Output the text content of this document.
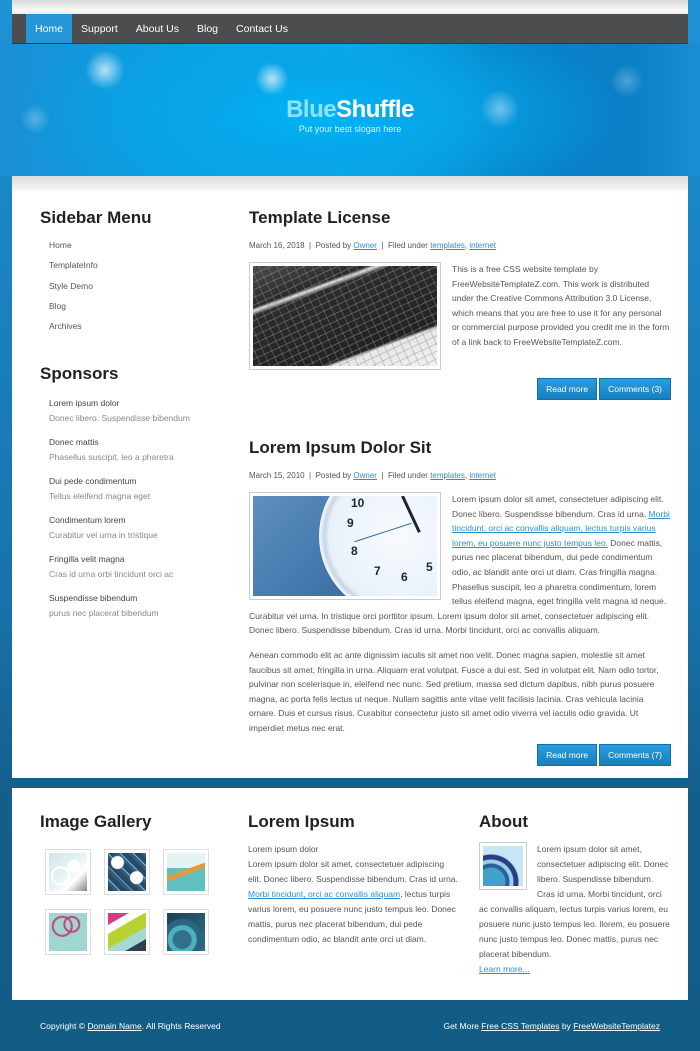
Home	Support	About Us	Blog	Contact Us
BlueShuffle
Put your best slogan here
Sidebar Menu
Home
TemplateInfo
Style Demo
Blog
Archives
Sponsors
Lorem ipsum dolor
Donec libero. Suspendisse bibendum
Donec mattis
Phasellus suscipit, leo a pharetra
Dui pede condimentum
Tellus eleifend magna eget
Condimentum lorem
Curabitur vel urna in tristique
Fringilla velit magna
Cras id urna orbi tincidunt orci ac
Suspendisse bibendum
purus nec placerat bibendum
Template License
March 16, 2018 | Posted by Owner | Filed under templates, internet

This is a free CSS website template by FreeWebsiteTemplateZ.com. This work is distributed under the Creative Commons Attribution 3.0 License, which means that you are free to use it for any personal or commercial purpose provided you credit me in the form of a link back to FreeWebsiteTemplateZ.com.

Read more	Comments (3)
Lorem Ipsum Dolor Sit
March 15, 2010 | Posted by Owner | Filed under templates, internet
10
9
8
7 6
5

Lorem ipsum dolor sit amet, consectetuer adipiscing elit. Donec libero. Suspendisse bibendum. Cras id urna. Morbi tincidunt, orci ac convallis aliquam, lectus turpis varius lorem, eu posuere nunc justo tempus leo. Donec mattis, purus nec placerat bibendum, dui pede condimentum odio, ac blandit ante orci ut diam. Cras fringilla magna. Phasellus suscipit, leo a pharetra condimentum, lorem tellus eleifend magna, eget fringilla velit magna id neque. Curabitur vel urna. In tristique orci porttitor ipsum. Lorem ipsum dolor sit amet, consectetuer adipiscing elit. Donec libero. Suspendisse bibendum. Cras id urna. Morbi tincidunt, orci ac convallis aliquam.

Aenean commodo elit ac ante dignissim iaculis sit amet non velit. Donec magna sapien, molestie sit amet faucibus sit amet, fringilla in urna. Aliquam erat volutpat. Fusce a dui est. Sed in volutpat elit. Nam odio tortor, pulvinar non scelerisque in, eleifend nec nunc. Sed pretium, massa sed dictum dapibus, nibh purus posuere magna, ac porta felis lectus ut neque. Nullam sagittis ante vitae velit facilisis lacinia. Cras vehicula lacinia ornare. Duis et cursus risus. Curabitur consectetur justo sit amet odio viverra vel iaculis odio gravida. Ut imperdiet metus nec erat.

Read more	Comments (7)
Image Gallery	Lorem Ipsum

Lorem ipsum dolor
Lorem ipsum dolor sit amet, consectetuer adipiscing elit. Donec libero. Suspendisse bibendum. Cras id urna. Morbi tincidunt, orci ac convallis aliquam, lectus turpis varius lorem, eu posuere nunc justo tempus leo. Donec mattis, purus nec placerat bibendum, dui pede condimentum odio, ac blandit ante orci ut diam.

About

Lorem ipsum dolor sit amet, consectetuer adipiscing elit. Donec libero. Suspendisse bibendum. Cras id urna. Morbi tincidunt, orci ac convallis aliquam, lectus turpis varius lorem, eu posuere nunc justo tempus leo. llorem, eu posuere nunc justo tempus leo. Donec mattis, purus nec placerat bibendum.
Learn more...

Copyright © Domain Name. All Rights Reserved	Get More Free CSS Templates by FreeWebsiteTemplatez
